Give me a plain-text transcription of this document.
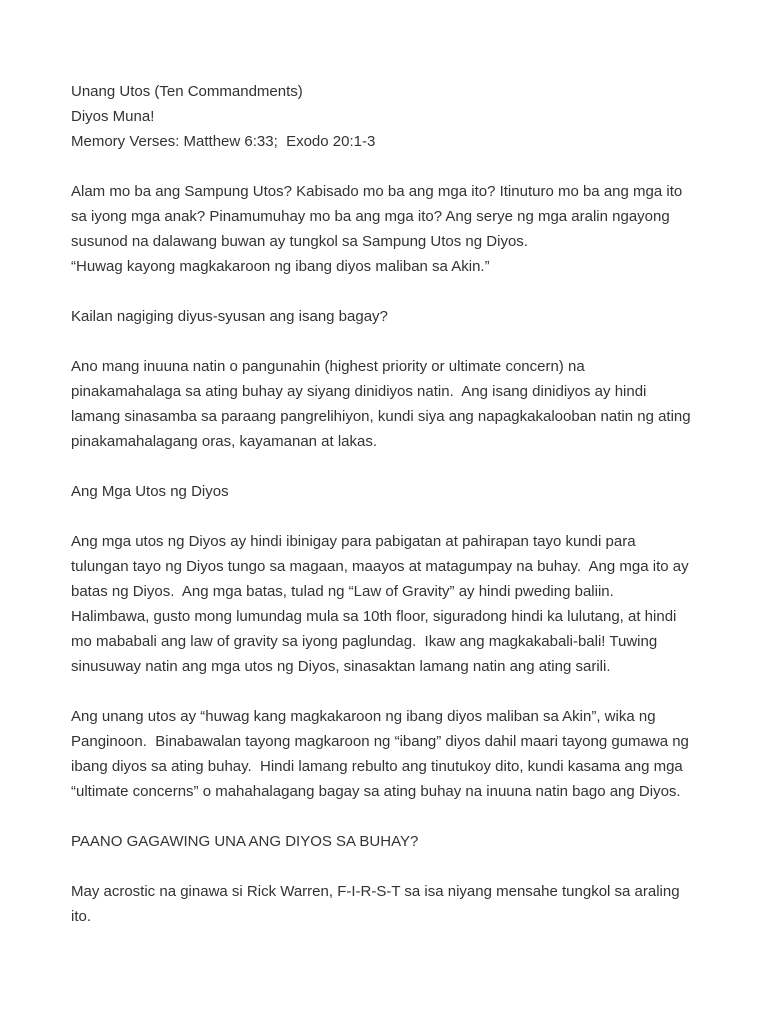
Unang Utos (Ten Commandments)
Diyos Muna!
Memory Verses: Matthew 6:33;  Exodo 20:1-3
Alam mo ba ang Sampung Utos? Kabisado mo ba ang mga ito? Itinuturo mo ba ang mga ito
sa iyong mga anak? Pinamumuhay mo ba ang mga ito? Ang serye ng mga aralin ngayong
susunod na dalawang buwan ay tungkol sa Sampung Utos ng Diyos.
“Huwag kayong magkakaroon ng ibang diyos maliban sa Akin.”
Kailan nagiging diyus-syusan ang isang bagay?
Ano mang inuuna natin o pangunahin (highest priority or ultimate concern) na
pinakamahalaga sa ating buhay ay siyang dinidiyos natin.  Ang isang dinidiyos ay hindi
lamang sinasamba sa paraang pangrelihiyon, kundi siya ang napagkakalooban natin ng ating
pinakamahalagang oras, kayamanan at lakas.
Ang Mga Utos ng Diyos
Ang mga utos ng Diyos ay hindi ibinigay para pabigatan at pahirapan tayo kundi para
tulungan tayo ng Diyos tungo sa magaan, maayos at matagumpay na buhay.  Ang mga ito ay
batas ng Diyos.  Ang mga batas, tulad ng “Law of Gravity” ay hindi pweding baliin.
Halimbawa, gusto mong lumundag mula sa 10th floor, siguradong hindi ka lulutang, at hindi
mo mababali ang law of gravity sa iyong paglundag.  Ikaw ang magkakabali-bali! Tuwing
sinusuway natin ang mga utos ng Diyos, sinasaktan lamang natin ang ating sarili.
Ang unang utos ay “huwag kang magkakaroon ng ibang diyos maliban sa Akin”, wika ng
Panginoon.  Binabawalan tayong magkaroon ng “ibang” diyos dahil maari tayong gumawa ng
ibang diyos sa ating buhay.  Hindi lamang rebulto ang tinutukoy dito, kundi kasama ang mga
“ultimate concerns” o mahahalagang bagay sa ating buhay na inuuna natin bago ang Diyos.
PAANO GAGAWING UNA ANG DIYOS SA BUHAY?
May acrostic na ginawa si Rick Warren, F-I-R-S-T sa isa niyang mensahe tungkol sa araling
ito.
